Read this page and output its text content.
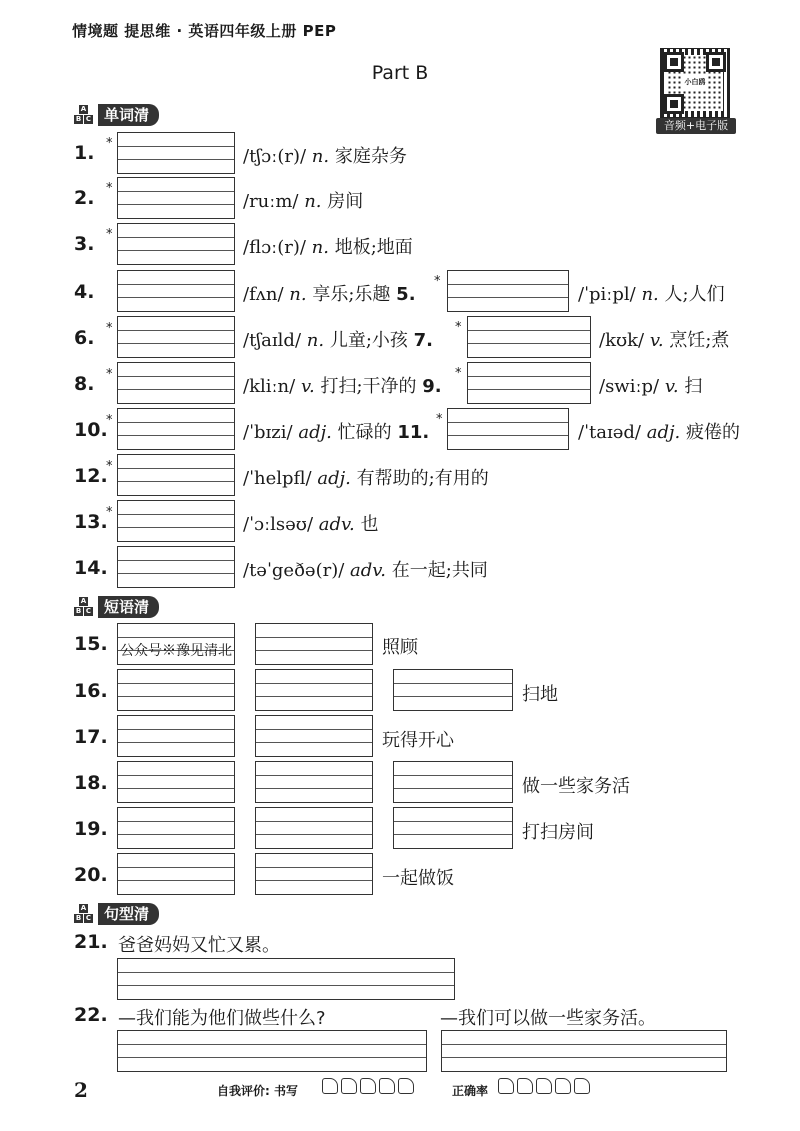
情境题 提思维 · 英语四年级上册 PEP
Part B	小白鸥
音频+电子版
A
B C 单词清
1. *
/tʃɔː(r)/ n. 家庭杂务
2. *
/ruːm/ n. 房间
3. *
/flɔː(r)/ n. 地板;地面
4.	/fʌn/ n. 享乐;乐趣 5.
*
/ˈpiːpl/ n. 人;人们
6. *
/tʃaɪld/ n. 儿童;小孩 7.
*
/kʊk/ v. 烹饪;煮
8. *
/kliːn/ v. 打扫;干净的 9.
*
/swiːp/ v. 扫
10.
*
/ˈbɪzi/ adj. 忙碌的 11.
*
/ˈtaɪəd/ adj. 疲倦的
12.
*
/ˈhelpfl/ adj. 有帮助的;有用的
13.
*
/ˈɔːlsəʊ/ adv. 也
14.	/təˈgeðə(r)/ adv. 在一起;共同
A
B C 短语清
15. 公众号※豫见清北	照顾
16.	扫地
17.	玩得开心
18.	做一些家务活
19.	打扫房间
20.	一起做饭
A
B C 句型清
21. 爸爸妈妈又忙又累。
22. —我们能为他们做些什么?	—我们可以做一些家务活。
2	自我评价: 书写	正确率
